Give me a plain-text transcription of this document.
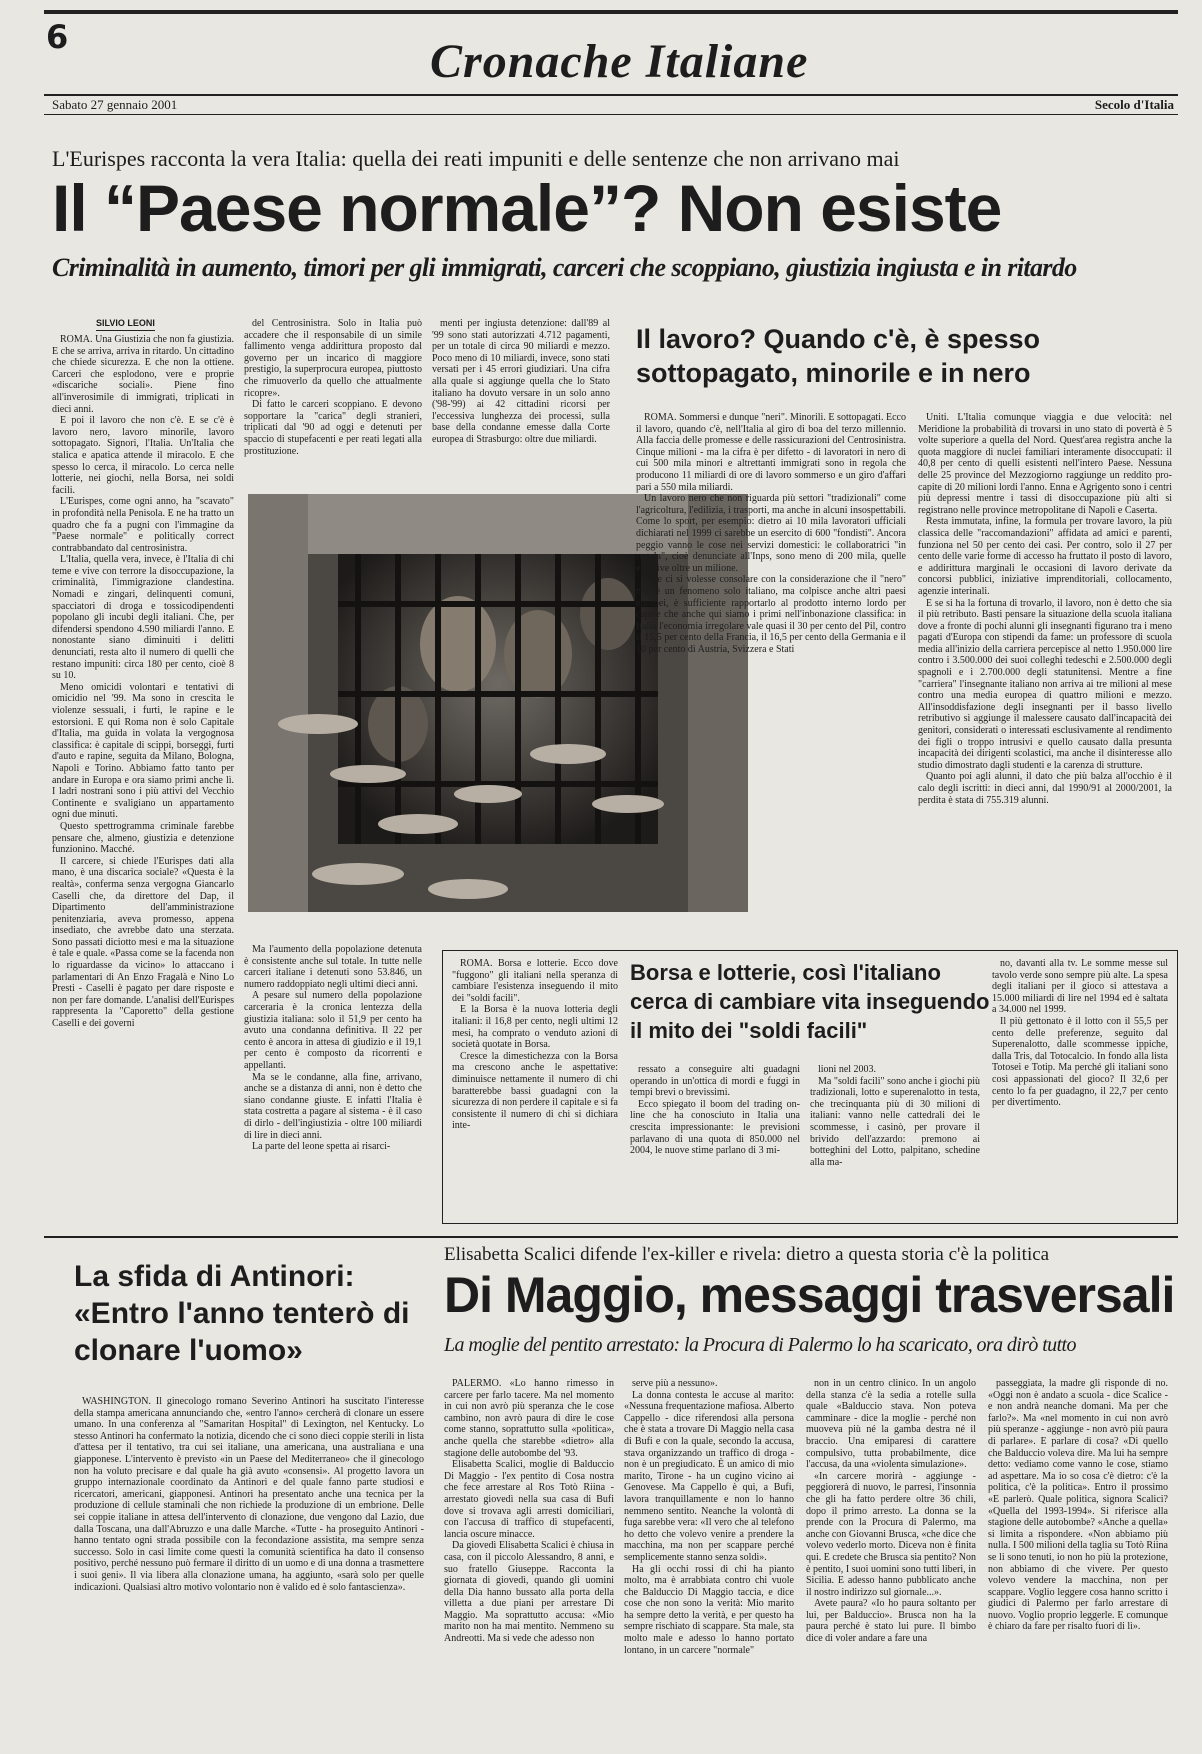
6	Cronache Italiane
Sabato 27 gennaio 2001	Secolo d'Italia
L'Eurispes racconta la vera Italia: quella dei reati impuniti e delle sentenze che non arrivano mai
Il “Paese normale”? Non esiste
Criminalità in aumento, timori per gli immigrati, carceri che scoppiano, giustizia ingiusta e in ritardo
SILVIO LEONI

ROMA. Una Giustizia che non fa giustizia. E che se arriva, arriva in ritardo. Un cittadino che chiede sicurezza. E che non la ottiene. Carceri che esplodono, vere e proprie «discariche sociali». Piene fino all'inverosimile di immigrati, triplicati in dieci anni.

E poi il lavoro che non c'è. E se c'è è lavoro nero, lavoro minorile, lavoro sottopagato. Signori, l'Italia. Un'Italia che stalica e apatica attende il miracolo. E che spesso lo cerca, il miracolo. Lo cerca nelle lotterie, nei giochi, nella Borsa, nei soldi facili.

L'Eurispes, come ogni anno, ha "scavato" in profondità nella Penisola. E ne ha tratto un quadro che fa a pugni con l'immagine da "Paese normale" e politically correct contrabbandato dal centrosinistra.

L'Italia, quella vera, invece, è l'Italia di chi teme e vive con terrore la disoccupazione, la criminalità, l'immigrazione clandestina. Nomadi e zingari, delinquenti comuni, spacciatori di droga e tossicodipendenti popolano gli incubi degli italiani. Che, per difendersi spendono 4.590 miliardi l'anno. E nonostante siano diminuiti i delitti denunciati, resta alto il numero di quelli che restano impuniti: circa 180 per cento, cioè 8 su 10.

Meno omicidi volontari e tentativi di omicidio nel '99. Ma sono in crescita le violenze sessuali, i furti, le rapine e le estorsioni. E qui Roma non è solo Capitale d'Italia, ma guida in volata la vergognosa classifica: è capitale di scippi, borseggi, furti d'auto e rapine, seguita da Milano, Bologna, Napoli e Torino. Abbiamo fatto tanto per andare in Europa e ora siamo primi anche lì. I ladri nostrani sono i più attivi del Vecchio Continente e svaligiano un appartamento ogni due minuti.

Questo spettrogramma criminale farebbe pensare che, almeno, giustizia e detenzione funzionino. Macché.

Il carcere, si chiede l'Eurispes dati alla mano, è una discarica sociale? «Questa è la realtà», conferma senza vergogna Giancarlo Caselli che, da direttore del Dap, il Dipartimento dell'amministrazione penitenziaria, aveva promesso, appena insediato, che avrebbe dato una sterzata. Sono passati diciotto mesi e ma la situazione è tale e quale. «Passa come se la facenda non lo riguardasse da vicino» lo attaccano i parlamentari di An Enzo Fragalà e Nino Lo Presti - Caselli è pagato per dare risposte e non per fare domande. L'analisi dell'Eurispes rappresenta la "Caporetto" della gestione Caselli e dei governi

del Centrosinistra. Solo in Italia può accadere che il responsabile di un simile fallimento venga addirittura proposto dal governo per un incarico di maggiore prestigio, la superprocura europea, piuttosto che rimuoverlo da quello che attualmente ricopre».

Di fatto le carceri scoppiano. E devono sopportare la "carica" degli stranieri, triplicati dal '90 ad oggi e detenuti per spaccio di stupefacenti e per reati legati alla prostituzione.

menti per ingiusta detenzione: dall'89 al '99 sono stati autorizzati 4.712 pagamenti, per un totale di circa 90 miliardi e mezzo. Poco meno di 10 miliardi, invece, sono stati versati per i 45 errori giudiziari. Una cifra alla quale si aggiunge quella che lo Stato italiano ha dovuto versare in un solo anno ('98-'99) ai 42 cittadini ricorsi per l'eccessiva lunghezza dei processi, sulla base della condanne emesse dalla Corte europea di Strasburgo: oltre due miliardi.

Ma l'aumento della popolazione detenuta è consistente anche sul totale. In tutte nelle carceri italiane i detenuti sono 53.846, un numero raddoppiato negli ultimi dieci anni.

A pesare sul numero della popolazione carceraria è la cronica lentezza della giustizia italiana: solo il 51,9 per cento ha avuto una condanna definitiva. Il 22 per cento è ancora in attesa di giudizio e il 19,1 per cento è composto da ricorrenti e appellanti.

Ma se le condanne, alla fine, arrivano, anche se a distanza di anni, non è detto che siano condanne giuste. E infatti l'Italia è stata costretta a pagare al sistema - è il caso di dirlo - dell'ingiustizia - oltre 100 miliardi di lire in dieci anni.

La parte del leone spetta ai risarci-

Il lavoro? Quando c'è, è spesso sottopagato, minorile e in nero

ROMA. Sommersi e dunque "neri". Minorili. E sottopagati. Ecco il lavoro, quando c'è, nell'Italia al giro di boa del terzo millennio. Alla faccia delle promesse e delle rassicurazioni del Centrosinistra. Cinque milioni - ma la cifra è per difetto - di lavoratori in nero di cui 500 mila minori e altrettanti immigrati sono in regola che producono 11 miliardi di ore di lavoro sommerso e un giro d'affari pari a 550 mila miliardi.

Un lavoro nero che non riguarda più settori "tradizionali" come l'agricoltura, l'edilizia, i trasporti, ma anche in alcuni insospettabili. Come lo sport, per esempio: dietro ai 10 mila lavoratori ufficiali dichiarati nel 1999 ci sarebbe un esercito di 600 "fondisti". Ancora peggio vanno le cose nei servizi domestici: le collaboratrici "in regola", cioè denunciate all'Inps, sono meno di 200 mila, quelle effettive oltre un milione.

E se ci si volesse consolare con la considerazione che il "nero" non è un fenomeno solo italiano, ma colpisce anche altri paesi europei, è sufficiente rapportarlo al prodotto interno lordo per capire che anche qui siamo i primi nell'inbonazione classifica: in Italia l'economia irregolare vale quasi il 30 per cento del Pil, contro il 15,5 per cento della Francia, il 16,5 per cento della Germania e il 10 per cento di Austria, Svizzera e Stati

Uniti. L'Italia comunque viaggia e due velocità: nel Meridione la probabilità di trovarsi in uno stato di povertà è 5 volte superiore a quella del Nord. Quest'area registra anche la quota maggiore di nuclei familiari interamente disoccupati: il 40,8 per cento di quelli esistenti nell'intero Paese. Nessuna delle 25 province del Mezzogiorno raggiunge un reddito pro-capite di 20 milioni lordi l'anno. Enna e Agrigento sono i centri più depressi mentre i tassi di disoccupazione più alti si registrano nelle province metropolitane di Napoli e Caserta.

Resta immutata, infine, la formula per trovare lavoro, la più classica delle "raccomandazioni" affidata ad amici e parenti, funziona nel 50 per cento dei casi. Per contro, solo il 27 per cento delle varie forme di accesso ha fruttato il posto di lavoro, e addirittura marginali le occasioni di lavoro derivate da concorsi pubblici, iniziative imprenditoriali, collocamento, agenzie interinali.

E se si ha la fortuna di trovarlo, il lavoro, non è detto che sia il più retributo. Basti pensare la situazione della scuola italiana dove a fronte di pochi alunni gli insegnanti figurano tra i meno pagati d'Europa con stipendi da fame: un professore di scuola media all'inizio della carriera percepisce al netto 1.950.000 lire contro i 3.500.000 dei suoi colleghi tedeschi e 2.500.000 degli spagnoli e i 2.700.000 degli statunitensi. Mentre a fine "carriera" l'insegnante italiano non arriva ai tre milioni al mese contro una media europea di quattro milioni e mezzo. All'insoddisfazione degli insegnanti per il basso livello retributivo si aggiunge il malessere causato dall'incapacità dei genitori, considerati o interessati esclusivamente al rendimento dei figli o troppo intrusivi e quello causato dalla presunta incapacità dei dirigenti scolastici, ma anche il disinteresse allo studio dimostrato dagli studenti e la carenza di strutture.

Quanto poi agli alunni, il dato che più balza all'occhio è il calo degli iscritti: in dieci anni, dal 1990/91 al 2000/2001, la perdita è stata di 755.319 alunni.

Borsa e lotterie, così l'italiano cerca di cambiare vita inseguendo il mito dei "soldi facili"

ROMA. Borsa e lotterie. Ecco dove "fuggono" gli italiani nella speranza di cambiare l'esistenza inseguendo il mito dei "soldi facili".

E la Borsa è la nuova lotteria degli italiani: il 16,8 per cento, negli ultimi 12 mesi, ha comprato o venduto azioni di società quotate in Borsa.

Cresce la dimestichezza con la Borsa ma crescono anche le aspettative: diminuisce nettamente il numero di chi baratterebbe bassi guadagni con la sicurezza di non perdere il capitale e si fa consistente il numero di chi si dichiara inte-

ressato a conseguire alti guadagni operando in un'ottica di mordi e fuggi in tempi brevi o brevissimi.

Ecco spiegato il boom del trading on-line che ha conosciuto in Italia una crescita impressionante: le previsioni parlavano di una quota di 850.000 nel 2004, le nuove stime parlano di 3 mi-

lioni nel 2003.

Ma "soldi facili" sono anche i giochi più tradizionali, lotto e superenalotto in testa, che trecinquanta più di 30 milioni di italiani: vanno nelle cattedrali dei le scommesse, i casinò, per provare il brivido dell'azzardo: premono ai botteghini del Lotto, palpitano, schedine alla ma-

no, davanti alla tv. Le somme messe sul tavolo verde sono sempre più alte. La spesa degli italiani per il gioco si attestava a 15.000 miliardi di lire nel 1994 ed è saltata a 34.000 nel 1999.

Il più gettonato è il lotto con il 55,5 per cento delle preferenze, seguito dal Superenalotto, dalle scommesse ippiche, dalla Tris, dal Totocalcio. In fondo alla lista Totosei e Totip. Ma perché gli italiani sono così appassionati del gioco? Il 32,6 per cento lo fa per guadagno, il 22,7 per cento per divertimento.

La sfida di Antinori: «Entro l'anno tenterò di clonare l'uomo»

WASHINGTON. Il ginecologo romano Severino Antinori ha suscitato l'interesse della stampa americana annunciando che, «entro l'anno» cercherà di clonare un essere umano. In una conferenza al "Samaritan Hospital" di Lexington, nel Kentucky. Lo stesso Antinori ha confermato la notizia, dicendo che ci sono dieci coppie sterili in lista d'attesa per il tentativo, tra cui sei italiane, una americana, una australiana e una giapponese. L'intervento è previsto «in un Paese del Mediterraneo» che il ginecologo non ha voluto precisare e dal quale ha già avuto «consensi». Al progetto lavora un gruppo internazionale coordinato da Antinori e del quale fanno parte studiosi e ricercatori, americani, giapponesi. Antinori ha presentato anche una tecnica per la produzione di cellule staminali che non richiede la produzione di un embrione. Delle sei coppie italiane in attesa dell'intervento di clonazione, due vengono dal Lazio, due dalla Toscana, una dall'Abruzzo e una dalle Marche. «Tutte - ha proseguito Antinori - hanno tentato ogni strada possibile con la fecondazione assistita, ma sempre senza successo. Solo in casi limite come questi la comunità scientifica ha dato il consenso positivo, perché nessuno può fermare il diritto di un uomo e di una donna a trasmettere i suoi geni». Il via libera alla clonazione umana, ha aggiunto, «sarà solo per quelle indicazioni. Qualsiasi altro motivo volontario non è valido ed è solo fantascienza».

Elisabetta Scalici difende l'ex-killer e rivela: dietro a questa storia c'è la politica
Di Maggio, messaggi trasversali
La moglie del pentito arrestato: la Procura di Palermo lo ha scaricato, ora dirò tutto

PALERMO. «Lo hanno rimesso in carcere per farlo tacere. Ma nel momento in cui non avrò più speranza che le cose cambino, non avrò paura di dire le cose come stanno, soprattutto sulla «politica», anche quella che starebbe «dietro» alla stagione delle autobombe del '93.

Elisabetta Scalici, moglie di Balduccio Di Maggio - l'ex pentito di Cosa nostra che fece arrestare al Ros Totò Riina - arrestato giovedì nella sua casa di Bufi dove si trovava agli arresti domiciliari, con l'accusa di traffico di stupefacenti, lancia oscure minacce.

Da giovedì Elisabetta Scalici è chiusa in casa, con il piccolo Alessandro, 8 anni, e suo fratello Giuseppe. Racconta la giornata di giovedì, quando gli uomini della Dia hanno bussato alla porta della villetta a due piani per arrestare Di Maggio. Ma soprattutto accusa: «Mio marito non ha mai mentito. Nemmeno su Andreotti. Ma si vede che adesso non

serve più a nessuno».

La donna contesta le accuse al marito: «Nessuna frequentazione mafiosa. Alberto Cappello - dice riferendosi alla persona che è stata a trovare Di Maggio nella casa di Bufi e con la quale, secondo la accusa, stava organizzando un traffico di droga - non è un pregiudicato. È un amico di mio marito, Tirone - ha un cugino vicino ai Genovese. Ma Cappello è qui, a Bufi, lavora tranquillamente e non lo hanno nemmeno sentito. Neanche la volontà di fuga sarebbe vera: «Il vero che al telefono ho detto che volevo venire a prendere la macchina, ma non per scappare perché semplicemente stanno senza soldi».

Ha gli occhi rossi di chi ha pianto molto, ma è arrabbiata contro chi vuole che Balduccio Di Maggio taccia, e dice cose che non sono la verità: Mio marito ha sempre detto la verità, e per questo ha sempre rischiato di scappare. Sta male, sta molto male e adesso lo hanno portato lontano, in un carcere "normale"

non in un centro clinico. In un angolo della stanza c'è la sedia a rotelle sulla quale «Balduccio stava. Non poteva camminare - dice la moglie - perché non muoveva più né la gamba destra né il braccio. Una emiparesi di carattere compulsivo, tutta probabilmente, dice l'accusa, da una «violenta simulazione».

«In carcere morirà - aggiunge - peggiorerà di nuovo, le parresi, l'insonnia che gli ha fatto perdere oltre 36 chili, dopo il primo arresto. La donna se la prende con la Procura di Palermo, ma anche con Giovanni Brusca, «che dice che volevo vederlo morto. Diceva non è finita qui. E credete che Brusca sia pentito? Non è pentito, I suoi uomini sono tutti liberi, in Sicilia. E adesso hanno pubblicato anche il nostro indirizzo sul giornale...».

Avete paura? «Io ho paura soltanto per lui, per Balduccio». Brusca non ha la paura perché è stato lui pure. Il bimbo dice di voler andare a fare una

passeggiata, la madre gli risponde di no. «Oggi non è andato a scuola - dice Scalice - e non andrà neanche domani. Ma per che farlo?». Ma «nel momento in cui non avrò più speranze - aggiunge - non avrò più paura di parlare». E parlare di cosa? «Di quello che Balduccio voleva dire. Ma lui ha sempre detto: vediamo come vanno le cose, stiamo ad aspettare. Ma io so cosa c'è dietro: c'è la politica, c'è la politica». Entro il prossimo «E parlerò. Quale politica, signora Scalici? «Quella del 1993-1994». Si riferisce alla stagione delle autobombe? «Anche a quella» si limita a rispondere. «Non abbiamo più nulla. I 500 milioni della taglia su Totò Riina se li sono tenuti, io non ho più la protezione, non abbiamo di che vivere. Per questo volevo vendere la macchina, non per scappare. Voglio leggere cosa hanno scritto i giudici di Palermo per farlo arrestare di nuovo. Voglio proprio leggerle. E comunque è chiaro da fare per risalto fuori di lì».
